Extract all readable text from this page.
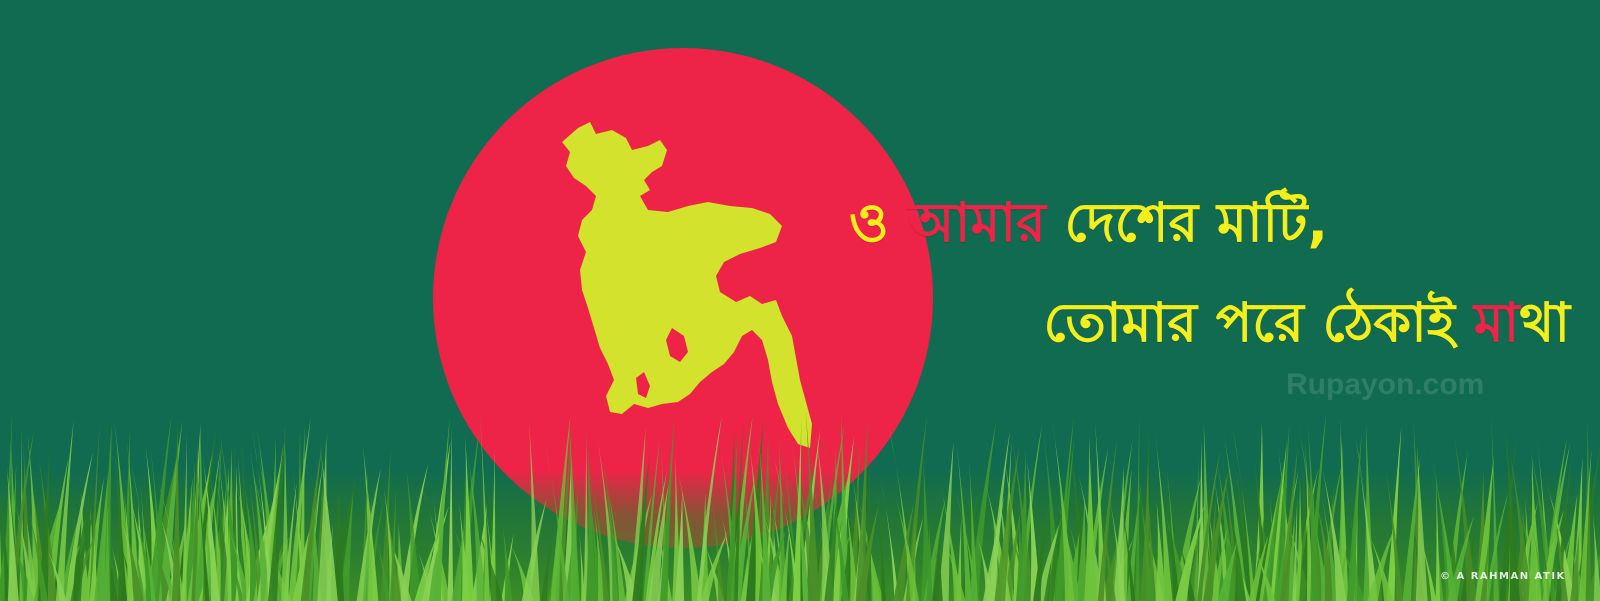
ও আমার দেশের মাটি,
তোমার পরে ঠেকাই মাথা
Rupayon.com
© A RAHMAN ATIK
